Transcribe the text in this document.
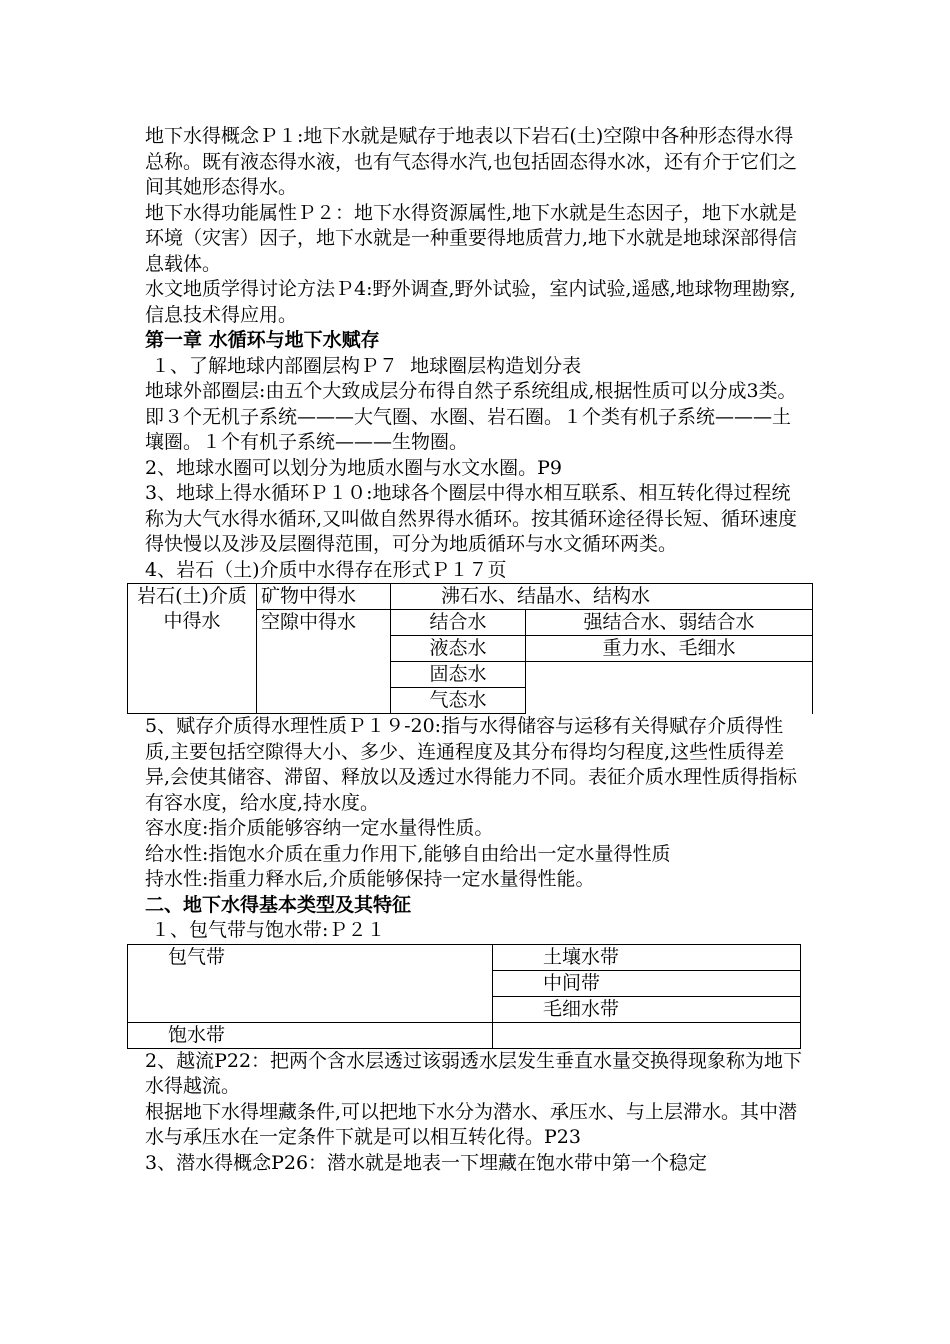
地下水得概念Ｐ１:地下水就是赋存于地表以下岩石(土)空隙中各种形态得水得总称。既有液态得水液，也有气态得水汽,也包括固态得水冰，还有介于它们之间其她形态得水。

地下水得功能属性Ｐ２：地下水得资源属性,地下水就是生态因子，地下水就是环境（灾害）因子，地下水就是一种重要得地质营力,地下水就是地球深部得信息载体。

水文地质学得讨论方法Ｐ4:野外调查,野外试验，室内试验,遥感,地球物理勘察,信息技术得应用。

第一章 水循环与地下水赋存

１、了解地球内部圈层构Ｐ７  地球圈层构造划分表

地球外部圈层:由五个大致成层分布得自然子系统组成,根据性质可以分成3类。即３个无机子系统———大气圈、水圈、岩石圈。１个类有机子系统———土壤圈。１个有机子系统———生物圈。

2、地球水圈可以划分为地质水圈与水文水圈。P9

3、地球上得水循环Ｐ１０:地球各个圈层中得水相互联系、相互转化得过程统称为大气水得水循环,又叫做自然界得水循环。按其循环途径得长短、循环速度得快慢以及涉及层圈得范围，可分为地质循环与水文循环两类。

4、岩石（土)介质中水得存在形式Ｐ１７页

岩石(土)介质中得水	矿物中得水	沸石水、结晶水、结构水	
	空隙中得水	结合水	强结合水、弱结合水
		液态水	重力水、毛细水
		固态水	
		气态水	

5、赋存介质得水理性质Ｐ１９-20:指与水得储容与运移有关得赋存介质得性质,主要包括空隙得大小、多少、连通程度及其分布得均匀程度,这些性质得差异,会使其储容、滞留、释放以及透过水得能力不同。表征介质水理性质得指标有容水度，给水度,持水度。

容水度:指介质能够容纳一定水量得性质。

给水性:指饱水介质在重力作用下,能够自由给出一定水量得性质

持水性:指重力释水后,介质能够保持一定水量得性能。

二、地下水得基本类型及其特征

１、包气带与饱水带:Ｐ２１

包气带	土壤水带
	中间带
	毛细水带
饱水带	

2、越流P22：把两个含水层透过该弱透水层发生垂直水量交换得现象称为地下水得越流。

根据地下水得埋藏条件,可以把地下水分为潜水、承压水、与上层滞水。其中潜水与承压水在一定条件下就是可以相互转化得。P23

3、潜水得概念P26：潜水就是地表一下埋藏在饱水带中第一个稳定
